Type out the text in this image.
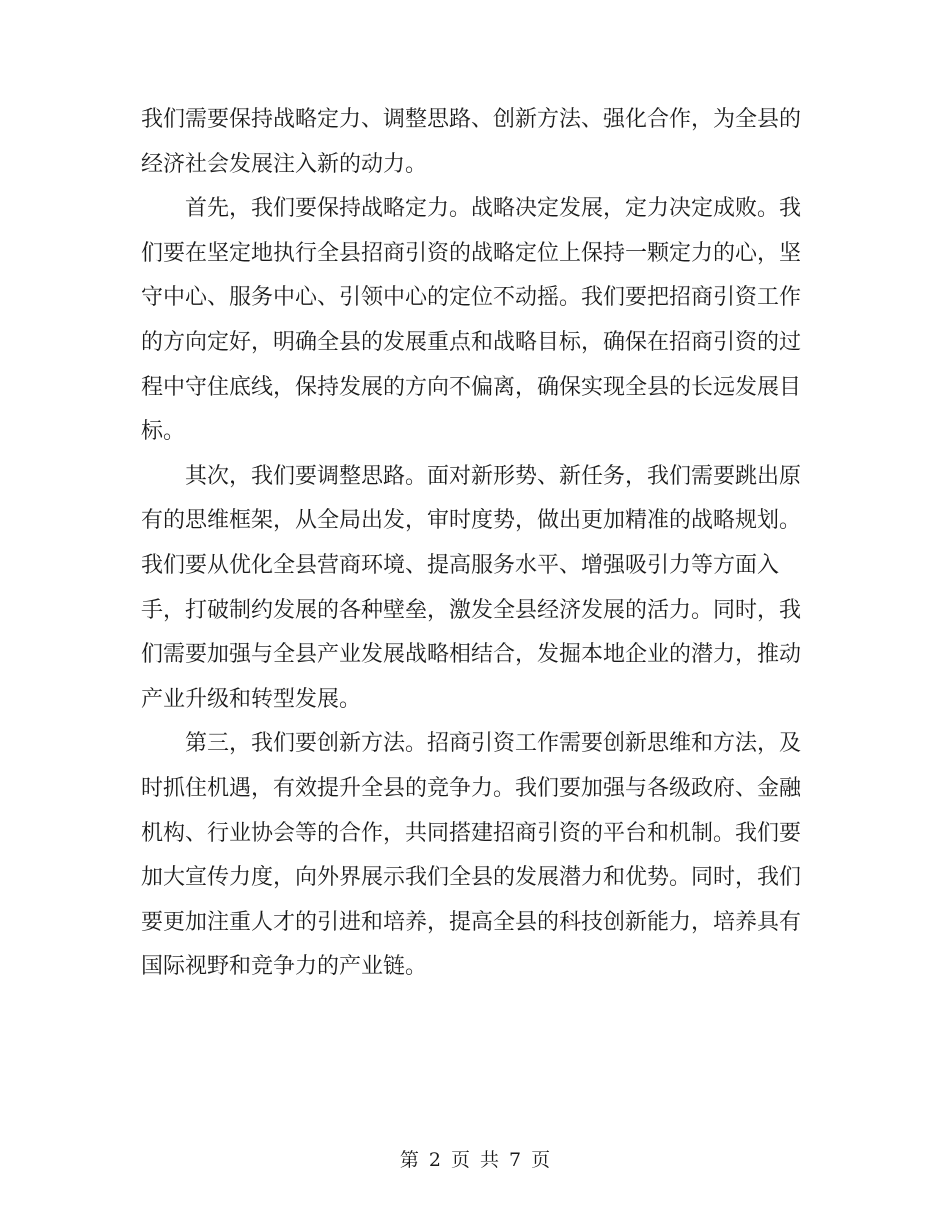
我们需要保持战略定力、调整思路、创新方法、强化合作，为全县的
经济社会发展注入新的动力。
首先，我们要保持战略定力。战略决定发展，定力决定成败。我
们要在坚定地执行全县招商引资的战略定位上保持一颗定力的心，坚
守中心、服务中心、引领中心的定位不动摇。我们要把招商引资工作
的方向定好，明确全县的发展重点和战略目标，确保在招商引资的过
程中守住底线，保持发展的方向不偏离，确保实现全县的长远发展目
标。
其次，我们要调整思路。面对新形势、新任务，我们需要跳出原
有的思维框架，从全局出发，审时度势，做出更加精准的战略规划。
我们要从优化全县营商环境、提高服务水平、增强吸引力等方面入
手，打破制约发展的各种壁垒，激发全县经济发展的活力。同时，我
们需要加强与全县产业发展战略相结合，发掘本地企业的潜力，推动
产业升级和转型发展。
第三，我们要创新方法。招商引资工作需要创新思维和方法，及
时抓住机遇，有效提升全县的竞争力。我们要加强与各级政府、金融
机构、行业协会等的合作，共同搭建招商引资的平台和机制。我们要
加大宣传力度，向外界展示我们全县的发展潜力和优势。同时，我们
要更加注重人才的引进和培养，提高全县的科技创新能力，培养具有
国际视野和竞争力的产业链。
第 2 页 共 7 页
